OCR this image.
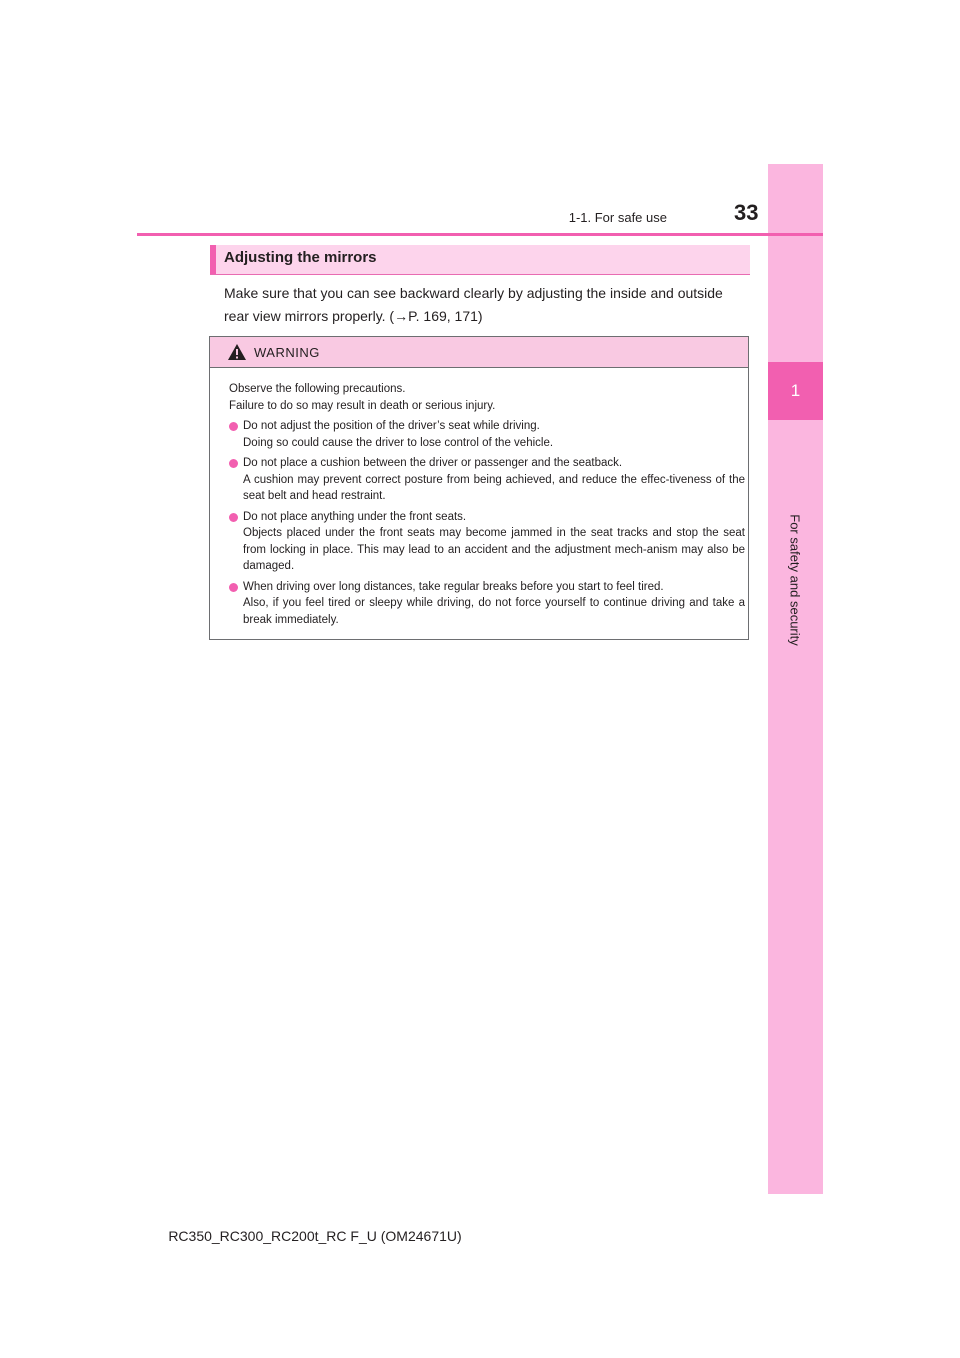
1
For safety and security
1-1. For safe use	33
Adjusting the mirrors
Make sure that you can see backward clearly by adjusting the inside and outside
rear view mirrors properly. (→P. 169, 171)
WARNING

Observe the following precautions.
Failure to do so may result in death or serious injury.

Do not adjust the position of the driver’s seat while driving.
Doing so could cause the driver to lose control of the vehicle.
Do not place a cushion between the driver or passenger and the seatback.
A cushion may prevent correct posture from being achieved, and reduce the effec-tiveness of the seat belt and head restraint.
Do not place anything under the front seats.
Objects placed under the front seats may become jammed in the seat tracks and stop the seat from locking in place. This may lead to an accident and the adjustment mech-anism may also be damaged.
When driving over long distances, take regular breaks before you start to feel tired.
Also, if you feel tired or sleepy while driving, do not force yourself to continue driving and take a break immediately.
RC350_RC300_RC200t_RC F_U (OM24671U)
